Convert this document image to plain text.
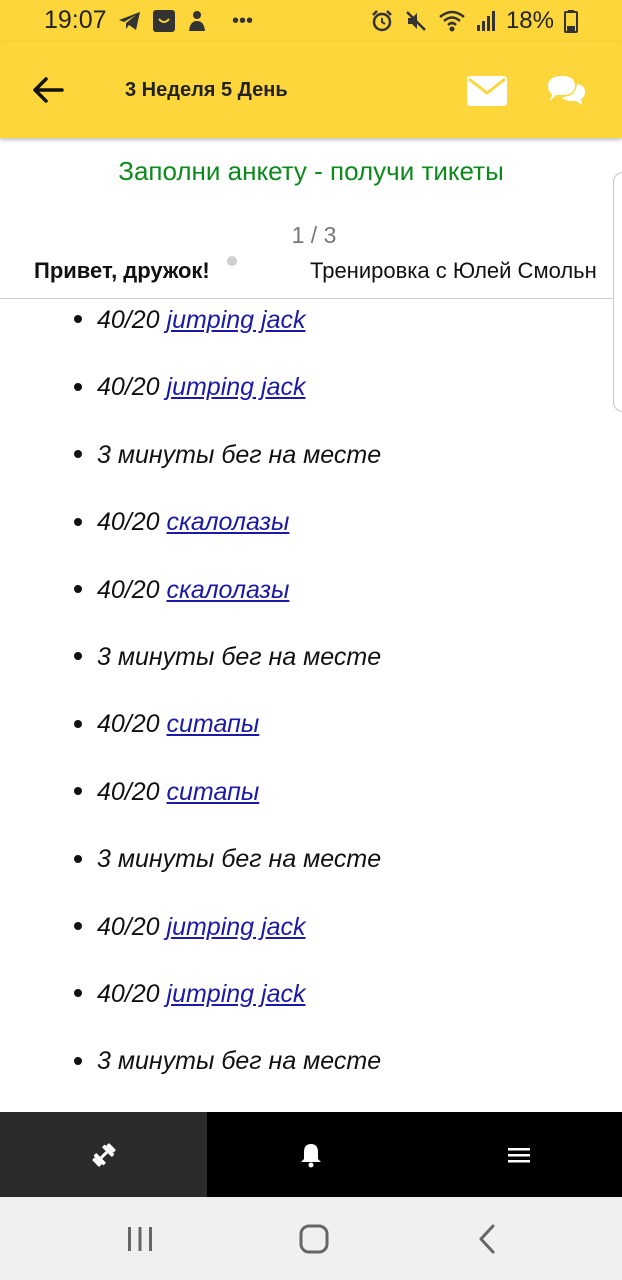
19:07	•••	18%
3 Неделя 5 День
Заполни анкету - получи тикеты
1 / 3
Привет, дружок!	Тренировка с Юлей Смольн
40/20 jumping jack
40/20 jumping jack
3 минуты бег на месте
40/20 скалолазы
40/20 скалолазы
3 минуты бег на месте
40/20 ситапы
40/20 ситапы
3 минуты бег на месте
40/20 jumping jack
40/20 jumping jack
3 минуты бег на месте
